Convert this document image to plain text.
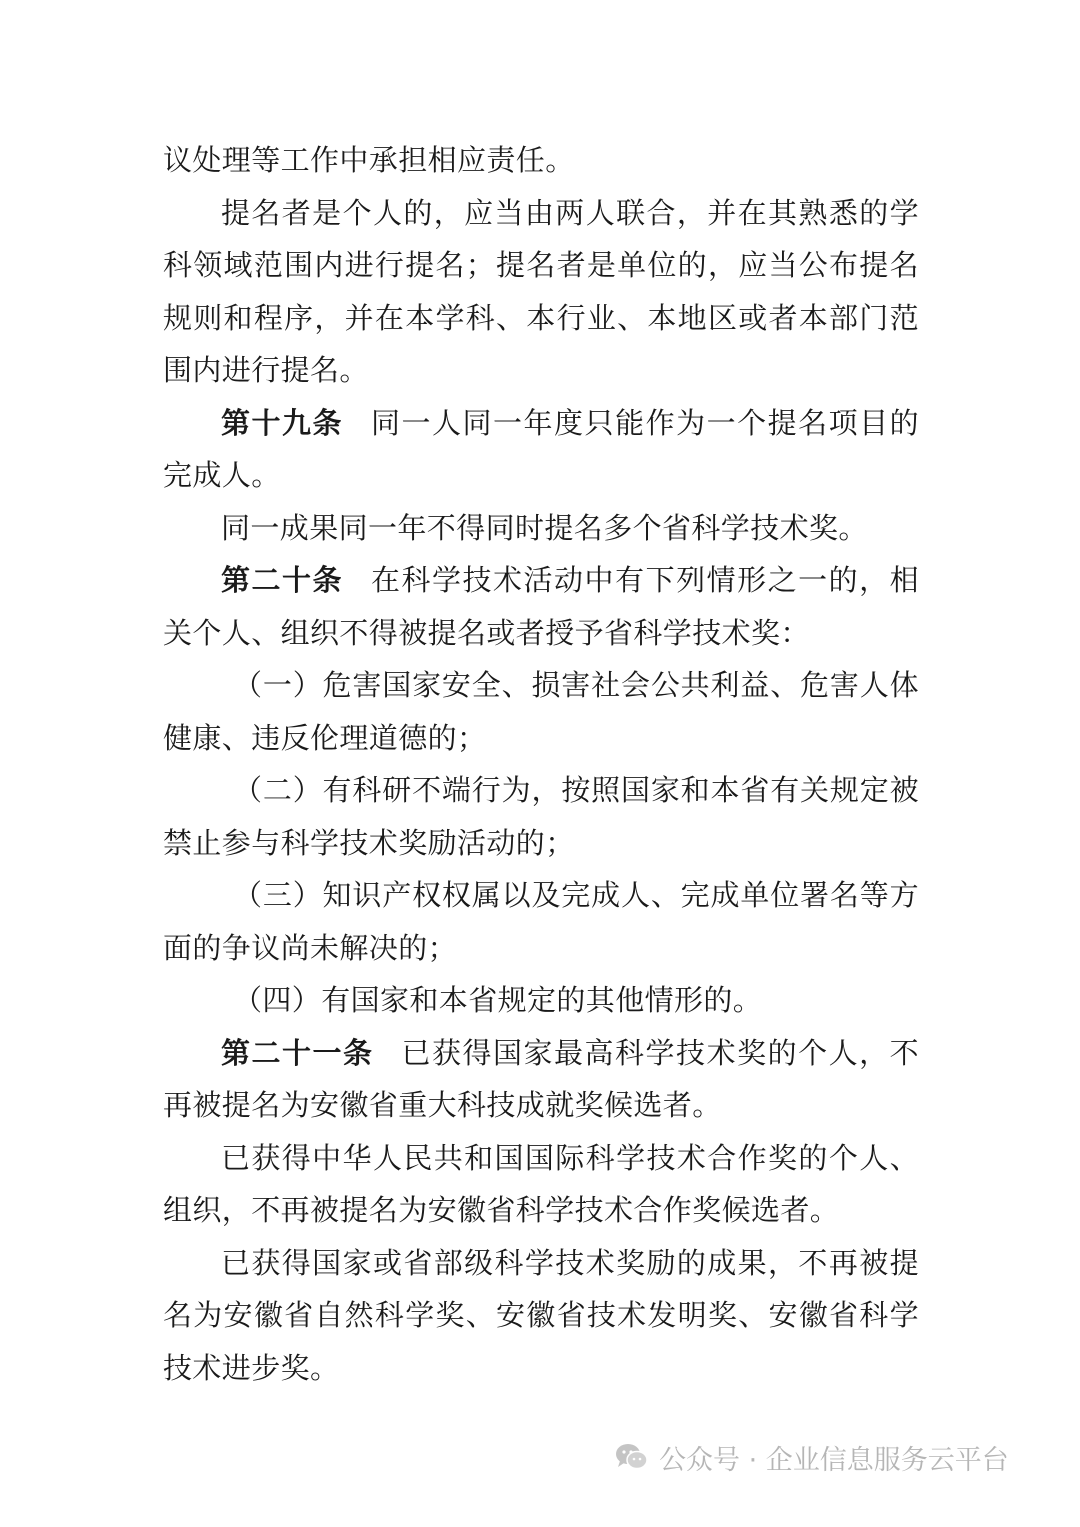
议处理等工作中承担相应责任。

提名者是个人的，应当由两人联合，并在其熟悉的学科领域范围内进行提名；提名者是单位的，应当公布提名规则和程序，并在本学科、本行业、本地区或者本部门范围内进行提名。

第十九条 同一人同一年度只能作为一个提名项目的完成人。

同一成果同一年不得同时提名多个省科学技术奖。

第二十条 在科学技术活动中有下列情形之一的，相关个人、组织不得被提名或者授予省科学技术奖：

（一）危害国家安全、损害社会公共利益、危害人体健康、违反伦理道德的；

（二）有科研不端行为，按照国家和本省有关规定被禁止参与科学技术奖励活动的；

（三）知识产权权属以及完成人、完成单位署名等方面的争议尚未解决的；

（四）有国家和本省规定的其他情形的。

第二十一条 已获得国家最高科学技术奖的个人，不再被提名为安徽省重大科技成就奖候选者。

已获得中华人民共和国国际科学技术合作奖的个人、组织，不再被提名为安徽省科学技术合作奖候选者。

已获得国家或省部级科学技术奖励的成果，不再被提名为安徽省自然科学奖、安徽省技术发明奖、安徽省科学技术进步奖。

公众号 · 企业信息服务云平台
